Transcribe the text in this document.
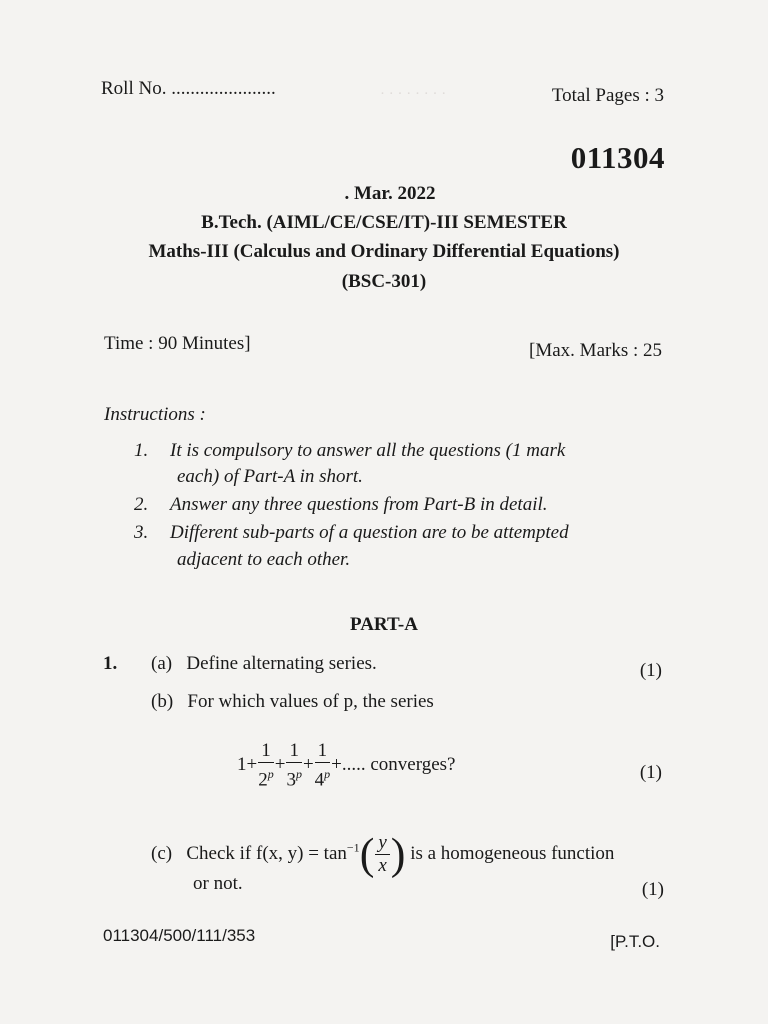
· · · · · · · ·
Roll No. ......................	Total Pages : 3
011304
. Mar. 2022
B.Tech. (AIML/CE/CSE/IT)-III SEMESTER
Maths-III (Calculus and Ordinary Differential Equations)
(BSC-301)
Time : 90 Minutes]	[Max. Marks : 25
Instructions :
1. It is compulsory to answer all the questions (1 mark
each) of Part-A in short.
2. Answer any three questions from Part-B in detail.
3. Different sub-parts of a question are to be attempted
adjacent to each other.
PART-A
1. (a) Define alternating series.	(1)
(b) For which values of p, the series
$1+ \frac{1}{2^p} + \frac{1}{3^p} + \frac{1}{4^p}$ +..... converges?	(1)
(c) Check if f(x, $y) = \tan^{-1}( \frac{y}{x}$ ) is a homogeneous function
or not.	(1)
011304/500/111/353	[P.T.O.
